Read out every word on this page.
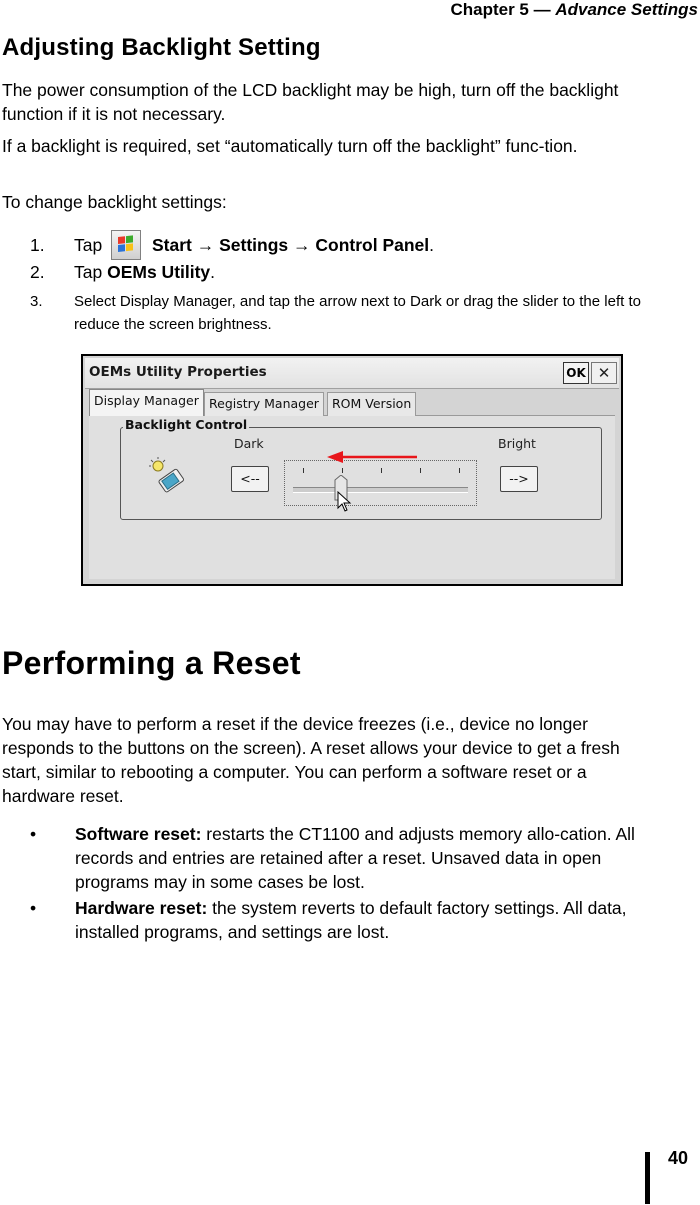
Chapter 5 — Advance Settings
Adjusting Backlight Setting

The power consumption of the LCD backlight may be high, turn off the backlight function if it is not necessary.

If a backlight is required, set “automatically turn off the backlight” func-tion.

To change backlight settings:

1. Tap	Start → Settings → Control Panel.
2. Tap OEMs Utility.
3. Select Display Manager, and tap the arrow next to Dark or drag the slider to the left to reduce the screen brightness.
OEMs Utility Properties	OK ✕
Display Manager Registry Manager	ROM Version
Backlight Control
Dark	Bright
<--	-->
Performing a Reset

You may have to perform a reset if the device freezes (i.e., device no longer responds to the buttons on the screen). A reset allows your device to get a fresh start, similar to rebooting a computer. You can perform a software reset or a hardware reset.

• Software reset: restarts the CT1100 and adjusts memory allo-cation. All records and entries are retained after a reset. Unsaved data in open programs may in some cases be lost.
• Hardware reset: the system reverts to default factory settings. All data, installed programs, and settings are lost.
40
